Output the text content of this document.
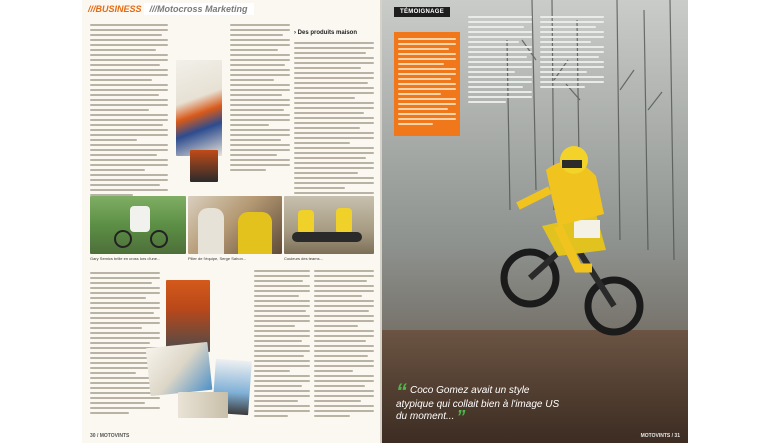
///BUSINESS ///Motocross Marketing
› Des produits maison
Gary Semics brille en cross lors d'une...	Pilier de l'équipe, Serge Sahon...	Couleurs des teams...
30 / MOTOVINTS
TÉMOIGNAGE
“ Coco Gomez avait un style atypique qui collait bien à l'image US du moment... ”
MOTOVINTS / 31
